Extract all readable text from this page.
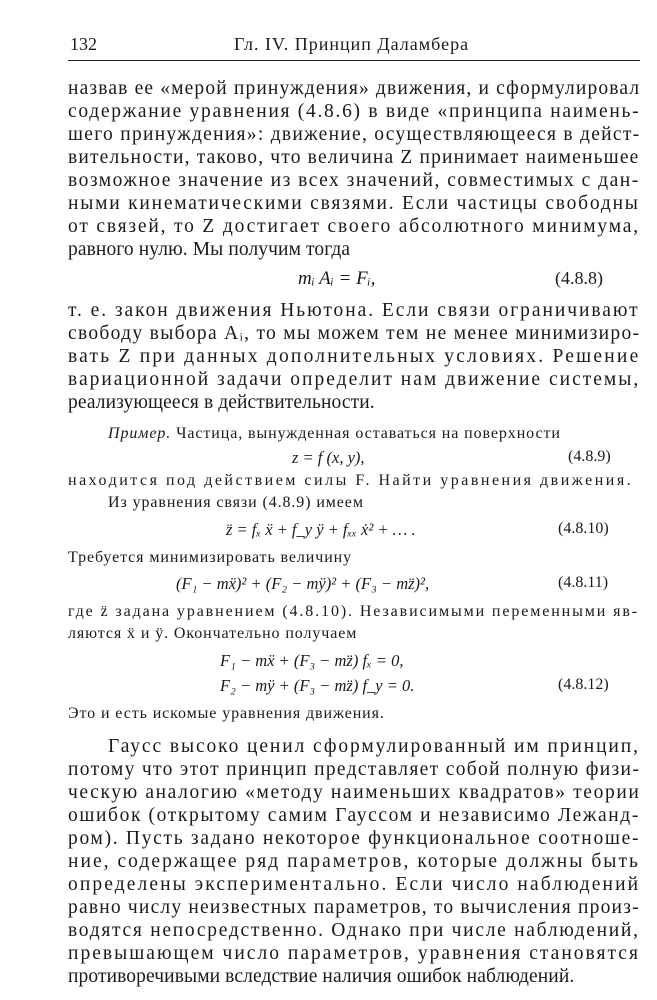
132	Гл. IV. Принцип Даламбера
назвав ее «мерой принуждения» движения, и сформулировал
содержание уравнения (4.8.6) в виде «принципа наимень-
шего принуждения»: движение, осуществляющееся в дейст-
вительности, таково, что величина Z принимает наименьшее
возможное значение из всех значений, совместимых с дан-
ными кинематическими связями. Если частицы свободны
от связей, то Z достигает своего абсолютного минимума,
равного нулю. Мы получим тогда
mᵢ Aᵢ = Fᵢ,	(4.8.8)
т. е. закон движения Ньютона. Если связи ограничивают
свободу выбора Aᵢ, то мы можем тем не менее минимизиро-
вать Z при данных дополнительных условиях. Решение
вариационной задачи определит нам движение системы,
реализующееся в действительности.
Пример. Частица, вынужденная оставаться на поверхности
z = f (x, y),	(4.8.9)
находится под действием силы F. Найти уравнения движения.
Из уравнения связи (4.8.9) имеем
z̈ = fₓ ẍ + f_y ÿ + fₓₓ ẋ² + … .	(4.8.10)
Требуется минимизировать величину
(F₁ − mẍ)² + (F₂ − mÿ)² + (F₃ − mz̈)²,	(4.8.11)
где z̈ задана уравнением (4.8.10). Независимыми переменными яв-
ляются ẍ и ÿ. Окончательно получаем
F₁ − mẍ + (F₃ − mz̈) fₓ = 0,
F₂ − mÿ + (F₃ − mz̈) f_y = 0.	(4.8.12)
Это и есть искомые уравнения движения.
Гаусс высоко ценил сформулированный им принцип,
потому что этот принцип представляет собой полную физи-
ческую аналогию «методу наименьших квадратов» теории
ошибок (открытому самим Гауссом и независимо Лежанд-
ром). Пусть задано некоторое функциональное соотноше-
ние, содержащее ряд параметров, которые должны быть
определены экспериментально. Если число наблюдений
равно числу неизвестных параметров, то вычисления произ-
водятся непосредственно. Однако при числе наблюдений,
превышающем число параметров, уравнения становятся
противоречивыми вследствие наличия ошибок наблюдений.
